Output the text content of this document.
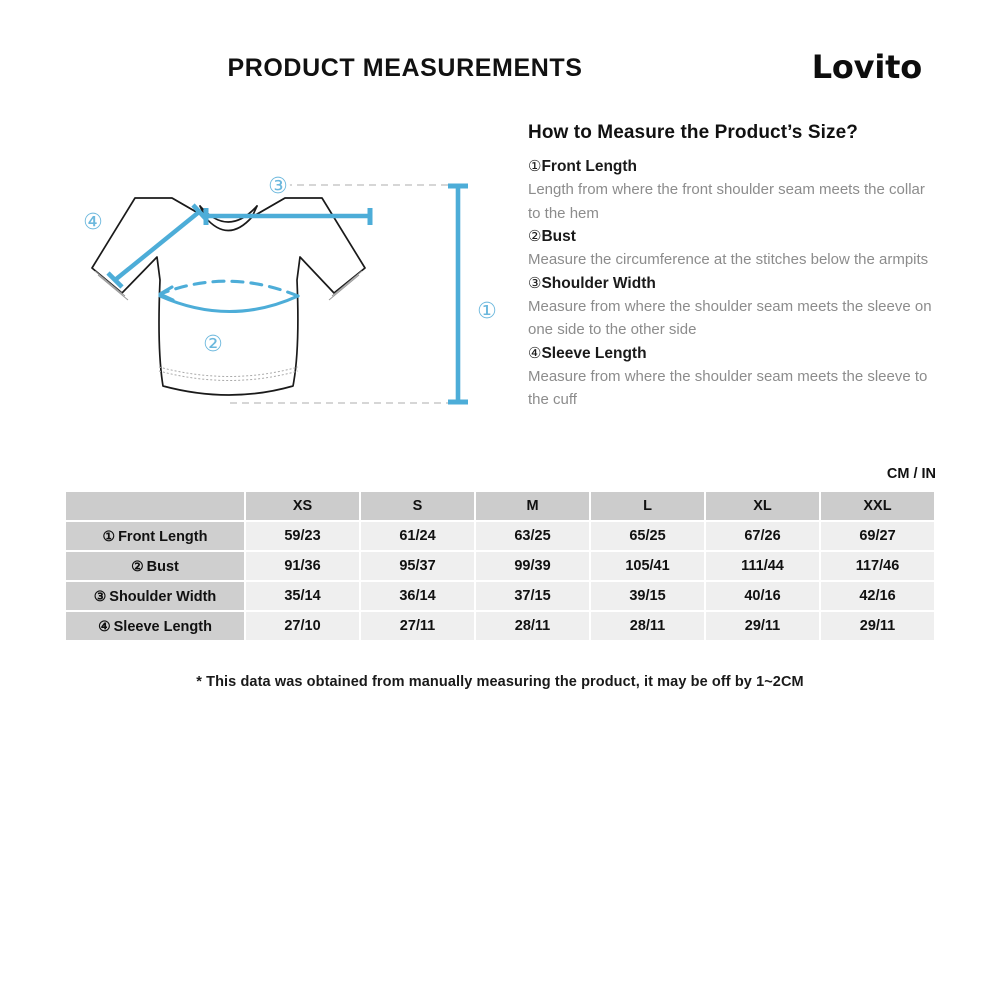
PRODUCT MEASUREMENTS	Lovito
①
②
③
④
How to Measure the Product’s Size?
①Front Length
Length from where the front shoulder seam meets the collar to the hem
②Bust
Measure the circumference at the stitches below the armpits
③Shoulder Width
Measure from where the shoulder seam meets the sleeve on one side to the other side
④Sleeve Length
Measure from where the shoulder seam meets the sleeve to the cuff
CM / IN
	XS	S	M	L	XL	XXL
① Front Length	59/23	61/24	63/25	65/25	67/26	69/27
② Bust	91/36	95/37	99/39	105/41	111/44	117/46
③ Shoulder Width	35/14	36/14	37/15	39/15	40/16	42/16
④ Sleeve Length	27/10	27/11	28/11	28/11	29/11	29/11
* This data was obtained from manually measuring the product, it may be off by 1~2CM
